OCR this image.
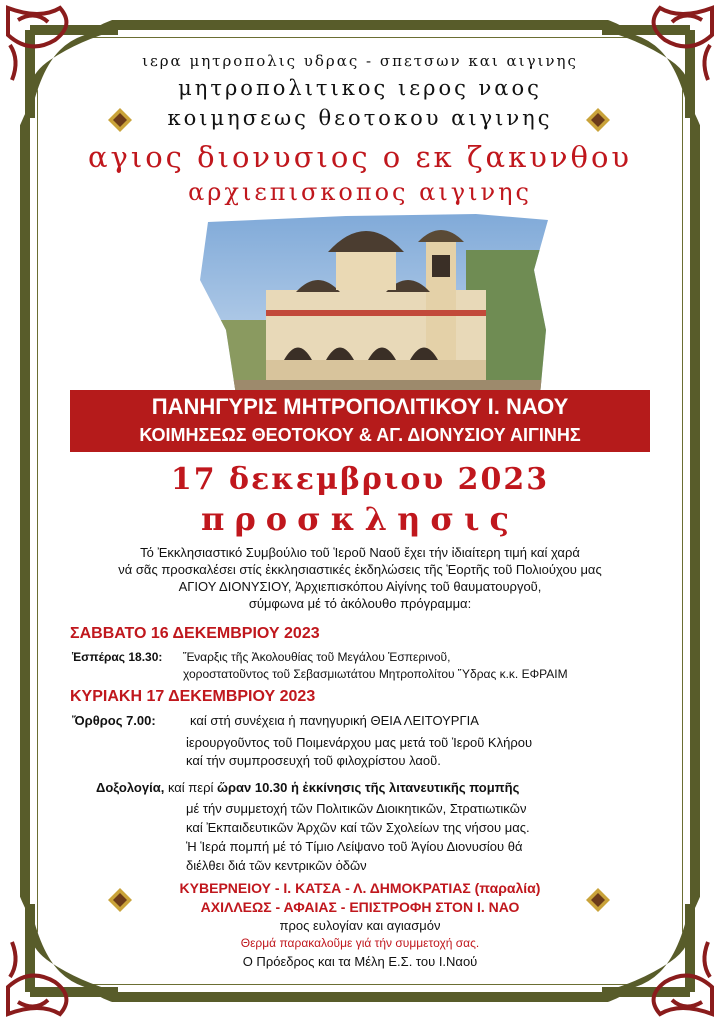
ιερα μητροπολις υδρας - σπετσων και αιγινης
μητροπολιτικος ιερος ναος
κοιμησεως θεοτοκου αιγινης
αγιος διονυσιος ο εκ ζακυνθου
αρχιεπισκοπος αιγινης
ΠΑΝΗΓΥΡΙΣ ΜΗΤΡΟΠΟΛΙΤΙΚΟΥ Ι. ΝΑΟΥ
ΚΟΙΜΗΣΕΩΣ ΘΕΟΤΟΚΟΥ & ΑΓ. ΔΙΟΝΥΣΙΟΥ ΑΙΓΙΝΗΣ
17 δεκεμβριου 2023
προσκλησις
Τό Ἐκκλησιαστικό Συμβούλιο τοῦ Ἱεροῦ Ναοῦ ἔχει τήν ἰδιαίτερη τιμή καί χαρά
νά σᾶς προσκαλέσει στίς ἐκκλησιαστικές ἐκδηλώσεις τῆς Ἑορτῆς τοῦ Πολιούχου μας
ΑΓΙΟΥ ΔΙΟΝΥΣΙΟΥ, Ἀρχιεπισκόπου Αἰγίνης τοῦ θαυματουργοῦ,
σύμφωνα μέ τό ἀκόλουθο πρόγραμμα:
ΣΑΒΒΑΤΟ 16 ΔΕΚΕΜΒΡΙΟΥ 2023
Ἑσπέρας 18.30: Ἔναρξις τῆς Ἀκολουθίας τοῦ Μεγάλου Ἑσπερινοῦ,
χοροστατοῦντος τοῦ Σεβασμιωτάτου Μητροπολίτου Ὕδρας κ.κ. ΕΦΡΑΙΜ
ΚΥΡΙΑΚΗ 17 ΔΕΚΕΜΒΡΙΟΥ 2023
Ὄρθρος 7.00:	καί στή συνέχεια ἡ πανηγυρική ΘΕΙΑ ΛΕΙΤΟΥΡΓΙΑ
ἱερουργοῦντος τοῦ Ποιμενάρχου μας μετά τοῦ Ἱεροῦ Κλήρου
καί τήν συμπροσευχή τοῦ φιλοχρίστου λαοῦ.
Δοξολογία, καί περί ὥραν 10.30 ἡ ἐκκίνησις τῆς λιτανευτικῆς πομπῆς
μέ τήν συμμετοχή τῶν Πολιτικῶν Διοικητικῶν, Στρατιωτικῶν
καί Ἐκπαιδευτικῶν Ἀρχῶν καί τῶν Σχολείων της νήσου μας.
Ἡ Ἱερά πομπή μέ τό Τίμιο Λείψανο τοῦ Ἁγίου Διονυσίου θά
διέλθει διά τῶν κεντρικῶν ὁδῶν
ΚΥΒΕΡΝΕΙΟΥ - Ι. ΚΑΤΣΑ - Λ. ΔΗΜΟΚΡΑΤΙΑΣ (παραλία)
ΑΧΙΛΛΕΩΣ - ΑΦΑΙΑΣ - ΕΠΙΣΤΡΟΦΗ ΣΤΟΝ Ι. ΝΑΟ
προς ευλογίαν και αγιασμόν
Θερμά παρακαλοῦμε γιά τήν συμμετοχή σας.
Ο Πρόεδρος και τα Μέλη Ε.Σ. του Ι.Ναού
